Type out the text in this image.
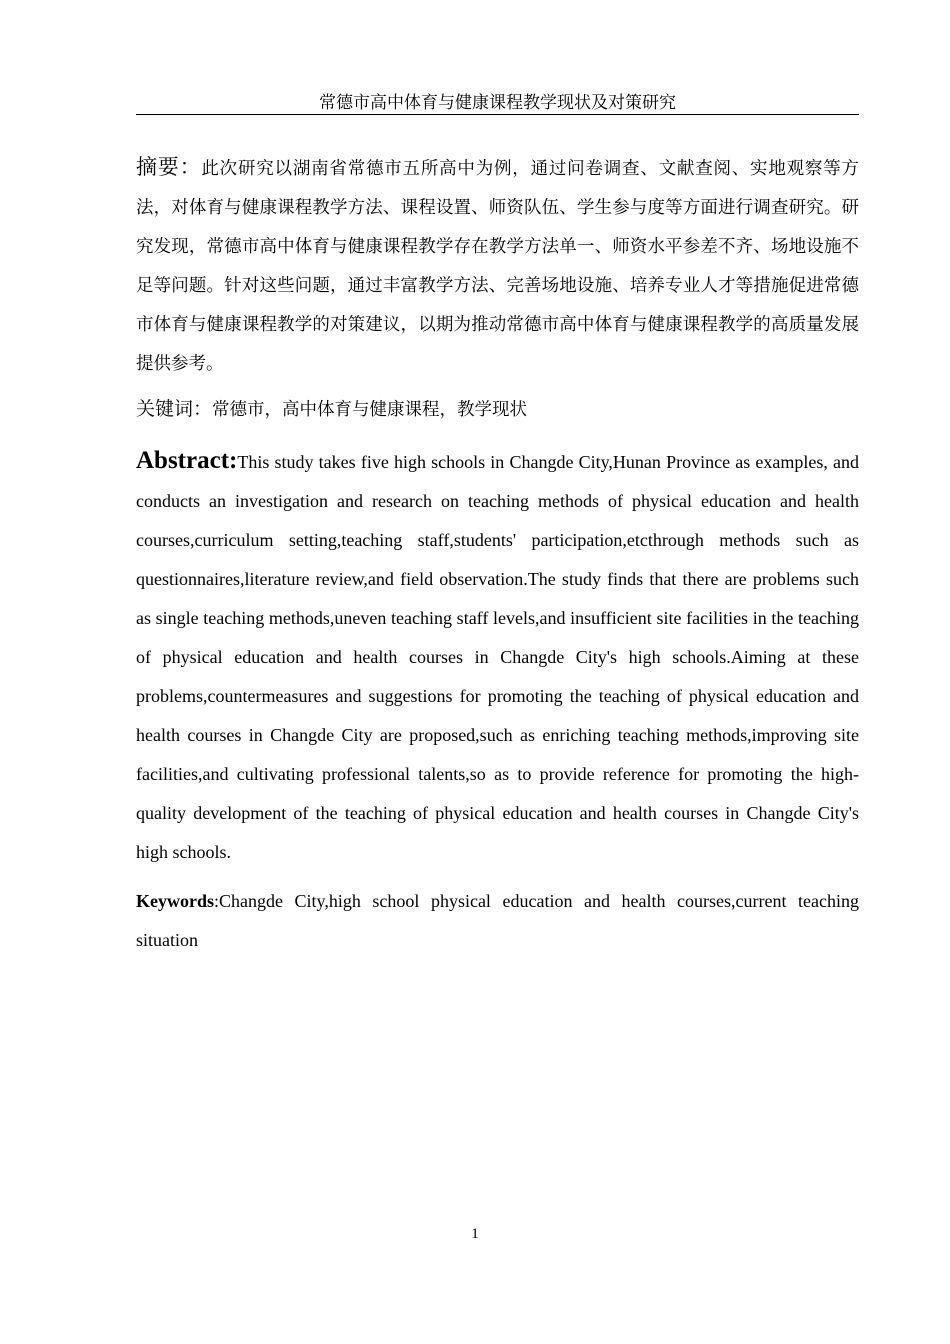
常德市高中体育与健康课程教学现状及对策研究
摘要：此次研究以湖南省常德市五所高中为例，通过问卷调查、文献查阅、实地观察等方法，对体育与健康课程教学方法、课程设置、师资队伍、学生参与度等方面进行调查研究。研究发现，常德市高中体育与健康课程教学存在教学方法单一、师资水平参差不齐、场地设施不足等问题。针对这些问题，通过丰富教学方法、完善场地设施、培养专业人才等措施促进常德市体育与健康课程教学的对策建议，以期为推动常德市高中体育与健康课程教学的高质量发展提供参考。
关键词：常德市，高中体育与健康课程，教学现状
Abstract:This study takes five high schools in Changde City,Hunan Province as examples, and conducts an investigation and research on teaching methods of physical education and health courses,curriculum setting,teaching staff,students' participation,etcthrough methods such as questionnaires,literature review,and field observation.The study finds that there are problems such as single teaching methods,uneven teaching staff levels,and insufficient site facilities in the teaching of physical education and health courses in Changde City's high schools.Aiming at these problems,countermeasures and suggestions for promoting the teaching of physical education and health courses in Changde City are proposed,such as enriching teaching methods,improving site facilities,and cultivating professional talents,so as to provide reference for promoting the high-quality development of the teaching of physical education and health courses in Changde City's high schools.
Keywords:Changde City,high school physical education and health courses,current teaching situation
1
